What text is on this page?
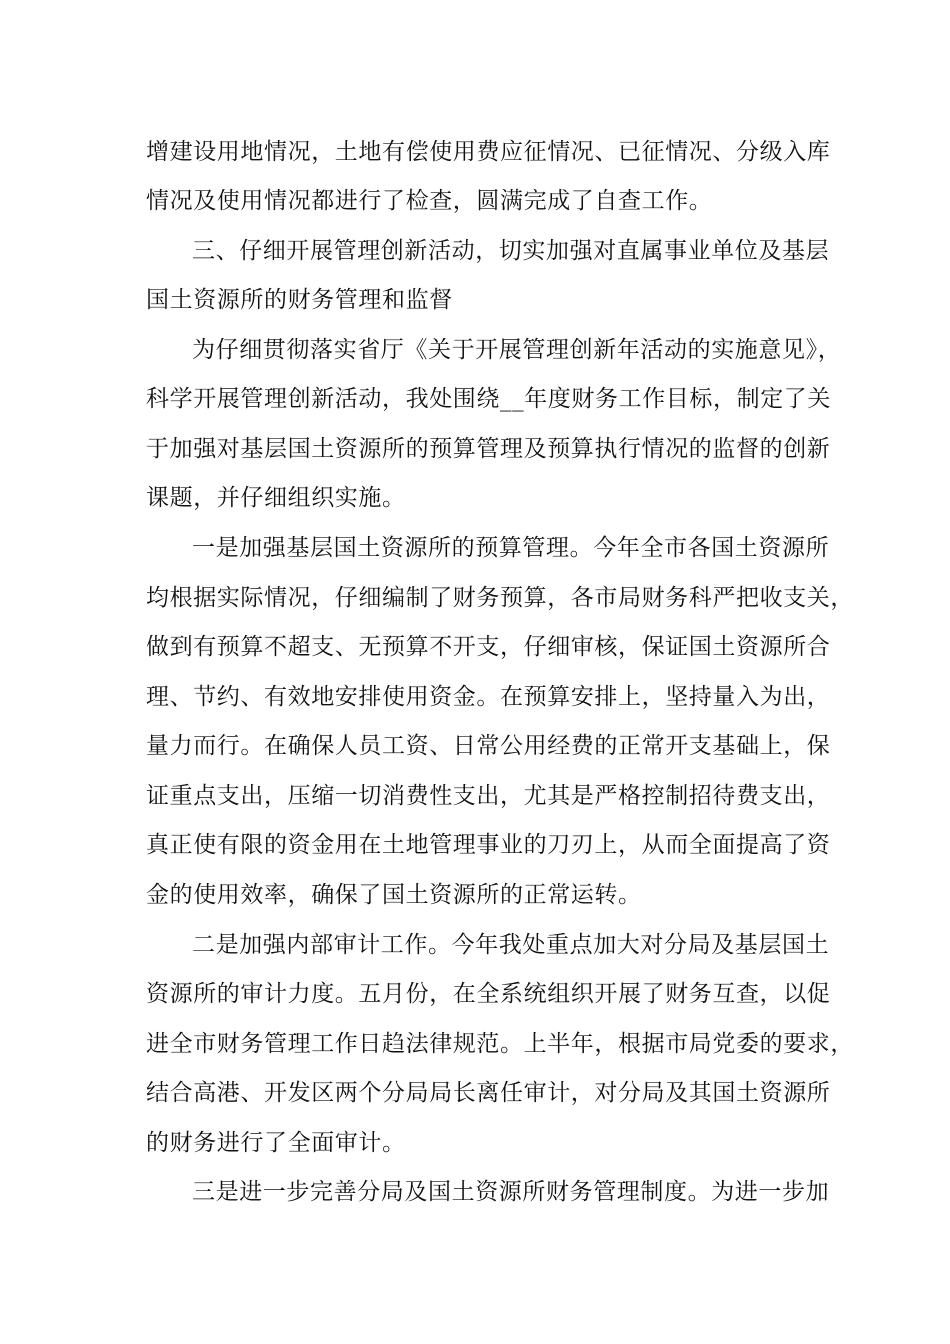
增建设用地情况，土地有偿使用费应征情况、已征情况、分级入库
情况及使用情况都进行了检查，圆满完成了自查工作。
三、仔细开展管理创新活动，切实加强对直属事业单位及基层
国土资源所的财务管理和监督
为仔细贯彻落实省厅《关于开展管理创新年活动的实施意见》，
科学开展管理创新活动，我处围绕__年度财务工作目标，制定了关
于加强对基层国土资源所的预算管理及预算执行情况的监督的创新
课题，并仔细组织实施。
一是加强基层国土资源所的预算管理。今年全市各国土资源所
均根据实际情况，仔细编制了财务预算，各市局财务科严把收支关，
做到有预算不超支、无预算不开支，仔细审核，保证国土资源所合
理、节约、有效地安排使用资金。在预算安排上，坚持量入为出，
量力而行。在确保人员工资、日常公用经费的正常开支基础上，保
证重点支出，压缩一切消费性支出，尤其是严格控制招待费支出，
真正使有限的资金用在土地管理事业的刀刃上，从而全面提高了资
金的使用效率，确保了国土资源所的正常运转。
二是加强内部审计工作。今年我处重点加大对分局及基层国土
资源所的审计力度。五月份，在全系统组织开展了财务互查，以促
进全市财务管理工作日趋法律规范。上半年，根据市局党委的要求，
结合高港、开发区两个分局局长离任审计，对分局及其国土资源所
的财务进行了全面审计。
三是进一步完善分局及国土资源所财务管理制度。为进一步加
